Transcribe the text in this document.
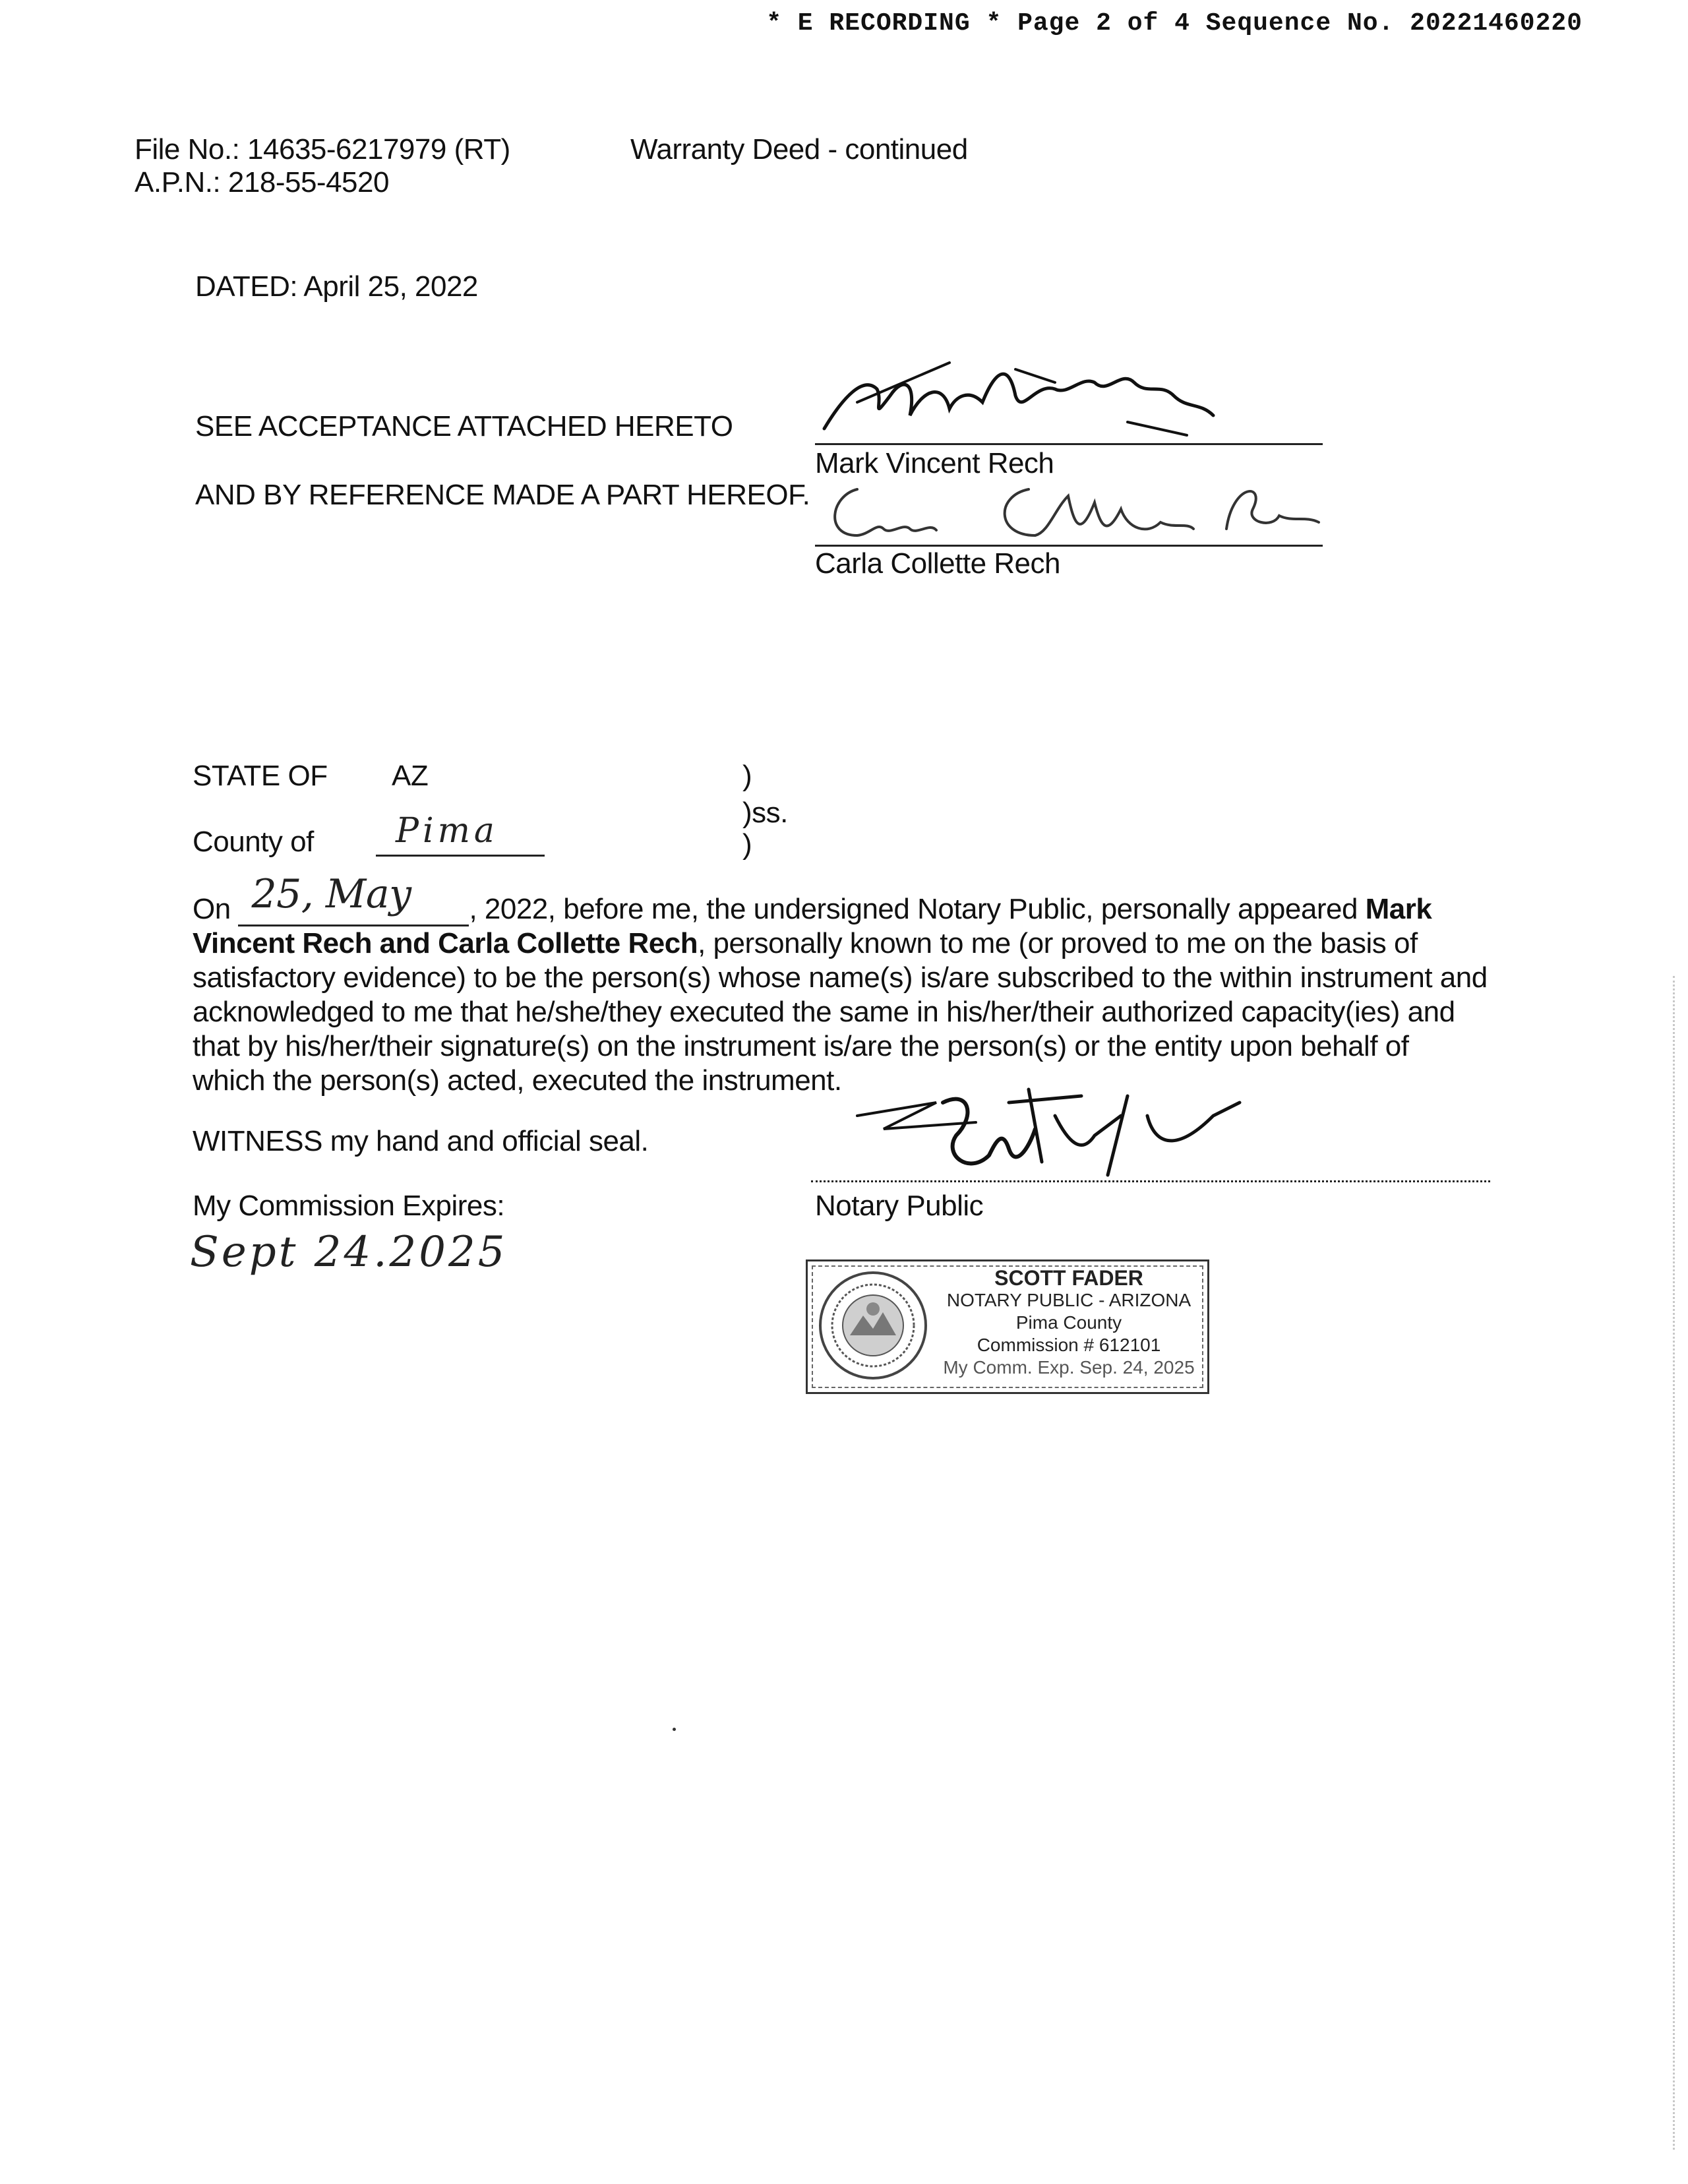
* E RECORDING * Page 2 of 4 Sequence No. 20221460220
File No.: 14635-6217979 (RT)
A.P.N.: 218-55-4520
Warranty Deed - continued
DATED: April 25, 2022
SEE ACCEPTANCE ATTACHED HERETO
AND BY REFERENCE MADE A PART HEREOF.
Mark Vincent Rech
Carla Collette Rech
STATE OF AZ	)
)ss.
)
County of Pima
On 25, May , 2022, before me, the undersigned Notary Public, personally appeared Mark
Vincent Rech and Carla Collette Rech, personally known to me (or proved to me on the basis of
satisfactory evidence) to be the person(s) whose name(s) is/are subscribed to the within instrument and
acknowledged to me that he/she/they executed the same in his/her/their authorized capacity(ies) and
that by his/her/their signature(s) on the instrument is/are the person(s) or the entity upon behalf of
which the person(s) acted, executed the instrument.
WITNESS my hand and official seal.
Notary Public
My Commission Expires:
Sept 24.2025
SCOTT FADER
NOTARY PUBLIC - ARIZONA
Pima County
Commission # 612101
My Comm. Exp. Sep. 24, 2025
